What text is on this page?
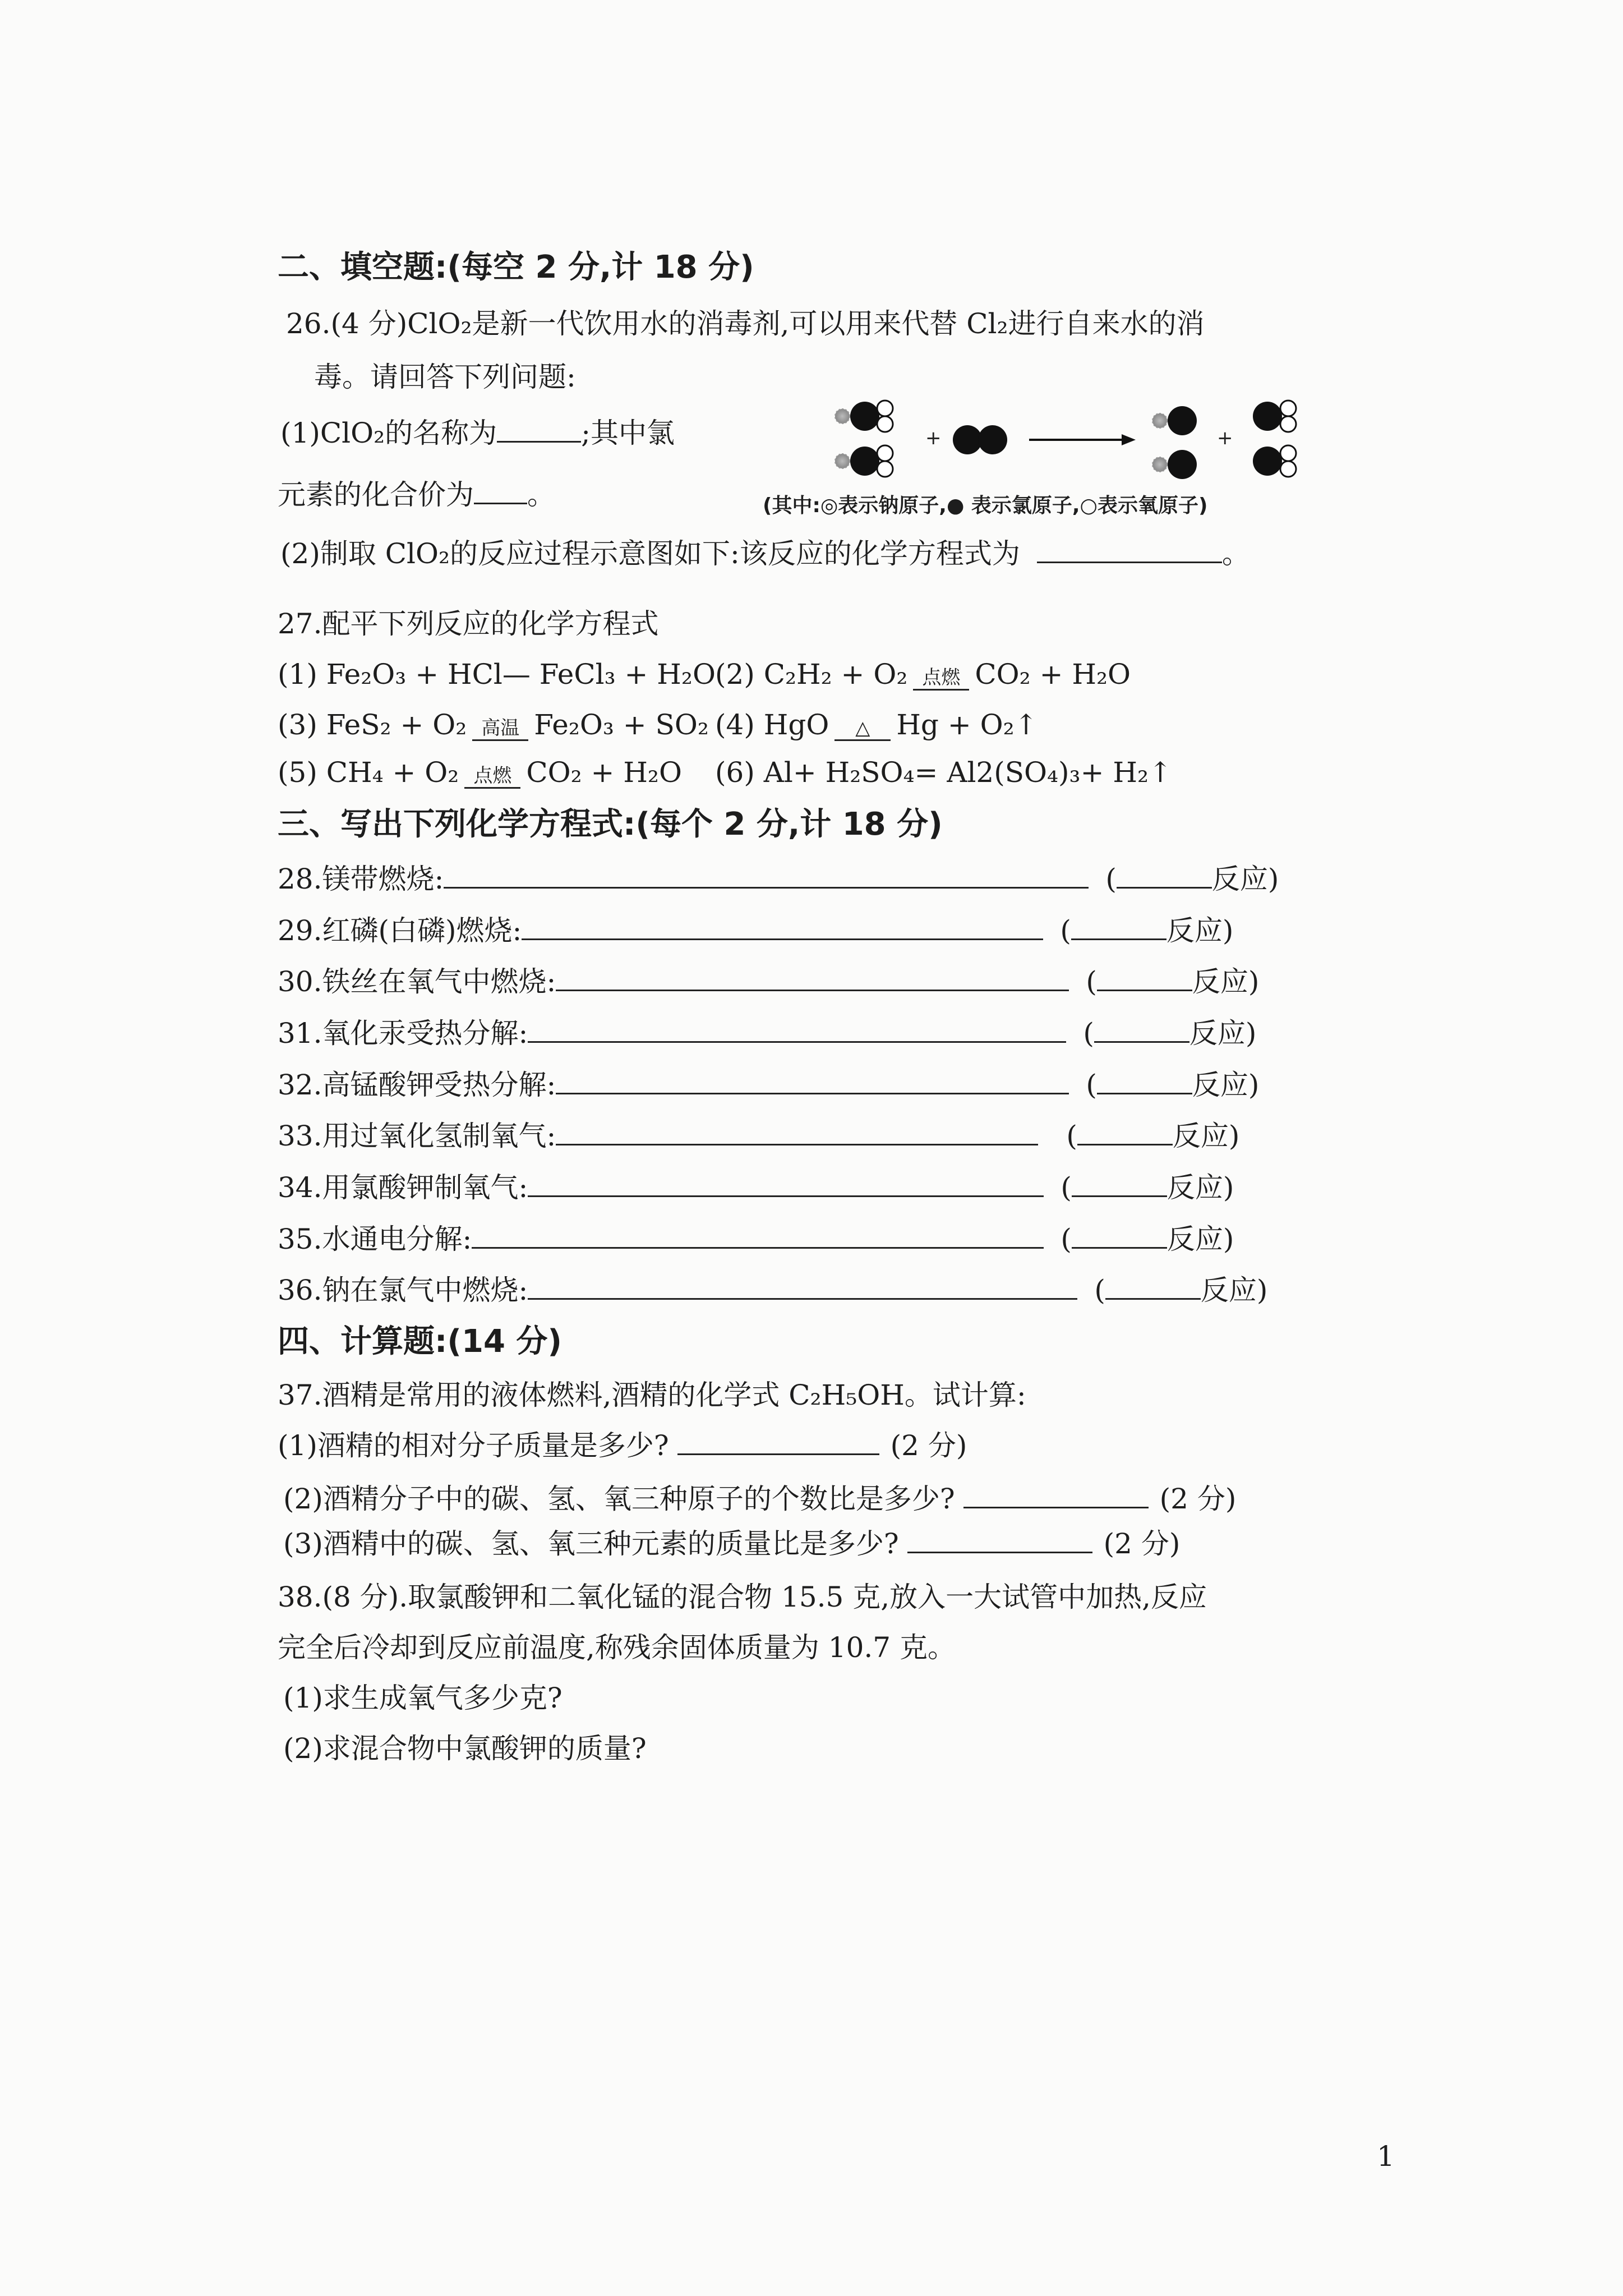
二、填空题:(每空 2 分,计 18 分)
26.(4 分)ClO₂是新一代饮用水的消毒剂,可以用来代替 Cl₂进行自来水的消
毒。请回答下列问题:
(1)ClO₂的名称为	;其中氯
元素的化合价为 。
+	+
(其中:◎表示钠原子,● 表示氯原子,○表示氧原子)
(2)制取 ClO₂的反应过程示意图如下:该反应的化学方程式为	。
27.配平下列反应的化学方程式
(1) Fe₂O₃ + HCl— FeCl₃ + H₂O (2) C₂H₂ + O₂ 点燃 CO₂ + H₂O
(3) FeS₂ + O₂ 高温 Fe₂O₃ + SO₂ (4) HgO △ Hg + O₂↑
(5) CH₄ + O₂ 点燃 CO₂ + H₂O (6) Al+ H₂SO₄= Al2(SO₄)₃+ H₂↑
三、写出下列化学方程式:(每个 2 分,计 18 分)
28.镁带燃烧:	(	反应)
29.红磷(白磷)燃烧:	(	反应)
30.铁丝在氧气中燃烧:	(	反应)
31.氧化汞受热分解:	(	反应)
32.高锰酸钾受热分解:	(	反应)
33.用过氧化氢制氧气:	(	反应)
34.用氯酸钾制氧气:	(	反应)
35.水通电分解:	(	反应)
36.钠在氯气中燃烧:	(	反应)
四、计算题:(14 分)
37.酒精是常用的液体燃料,酒精的化学式 C₂H₅OH。试计算:
(1)酒精的相对分子质量是多少?	(2 分)
(2)酒精分子中的碳、氢、氧三种原子的个数比是多少?	(2 分)
(3)酒精中的碳、氢、氧三种元素的质量比是多少?	(2 分)
38.(8 分).取氯酸钾和二氧化锰的混合物 15.5 克,放入一大试管中加热,反应
完全后冷却到反应前温度,称残余固体质量为 10.7 克。
(1)求生成氧气多少克?
(2)求混合物中氯酸钾的质量?
1
